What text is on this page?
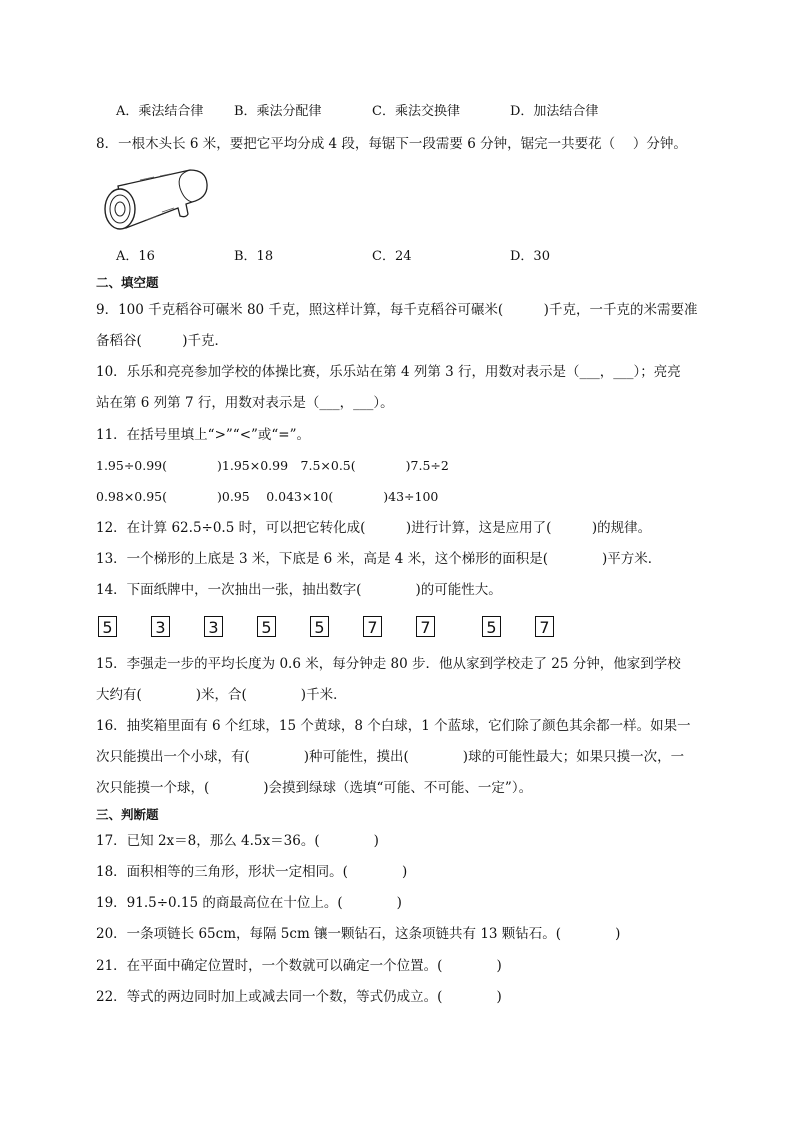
A．乘法结合律 B．乘法分配律	C．乘法交换律	D．加法结合律
8．一根木头长 6 米，要把它平均分成 4 段，每锯下一段需要 6 分钟，锯完一共要花（　 ）分钟。
A．16	B．18	C．24	D．30
二、填空题
9．100 千克稻谷可碾米 80 千克，照这样计算，每千克稻谷可碾米(　　　)千克，一千克的米需要准
备稻谷(　　　)千克．
10．乐乐和亮亮参加学校的体操比赛，乐乐站在第 4 列第 3 行，用数对表示是（___，___）；亮亮
站在第 6 列第 7 行，用数对表示是（___，___）。
11．在括号里填上“>”“<”或“=”。
1.95÷0.99(　　　　)1.95×0.99　7.5×0.5(　　　　)7.5÷2
0.98×0.95(　　　　)0.95　 0.043×10(　　　　)43÷100
12．在计算 62.5÷0.5 时，可以把它转化成(　　　)进行计算，这是应用了(　　　)的规律。
13．一个梯形的上底是 3 米，下底是 6 米，高是 4 米，这个梯形的面积是(　　　　)平方米．
14．下面纸牌中，一次抽出一张，抽出数字(　　　　)的可能性大。
5	3	3	5	5	7	7	5	7
15．李强走一步的平均长度为 0.6 米，每分钟走 80 步．他从家到学校走了 25 分钟，他家到学校
大约有(　　　　)米，合(　　　　)千米．
16．抽奖箱里面有 6 个红球，15 个黄球，8 个白球，1 个蓝球，它们除了颜色其余都一样。如果一
次只能摸出一个小球，有(　　　　)种可能性，摸出(　　　　)球的可能性最大；如果只摸一次，一
次只能摸一个球，(　　　　)会摸到绿球（选填“可能、不可能、一定”）。
三、判断题
17．已知 2x＝8，那么 4.5x＝36。(　　　　)
18．面积相等的三角形，形状一定相同。(　　　　)
19．91.5÷0.15 的商最高位在十位上。(　　　　)
20．一条项链长 65cm，每隔 5cm 镶一颗钻石，这条项链共有 13 颗钻石。(　　　　)
21．在平面中确定位置时，一个数就可以确定一个位置。(　　　　)
22．等式的两边同时加上或减去同一个数，等式仍成立。(　　　　)
